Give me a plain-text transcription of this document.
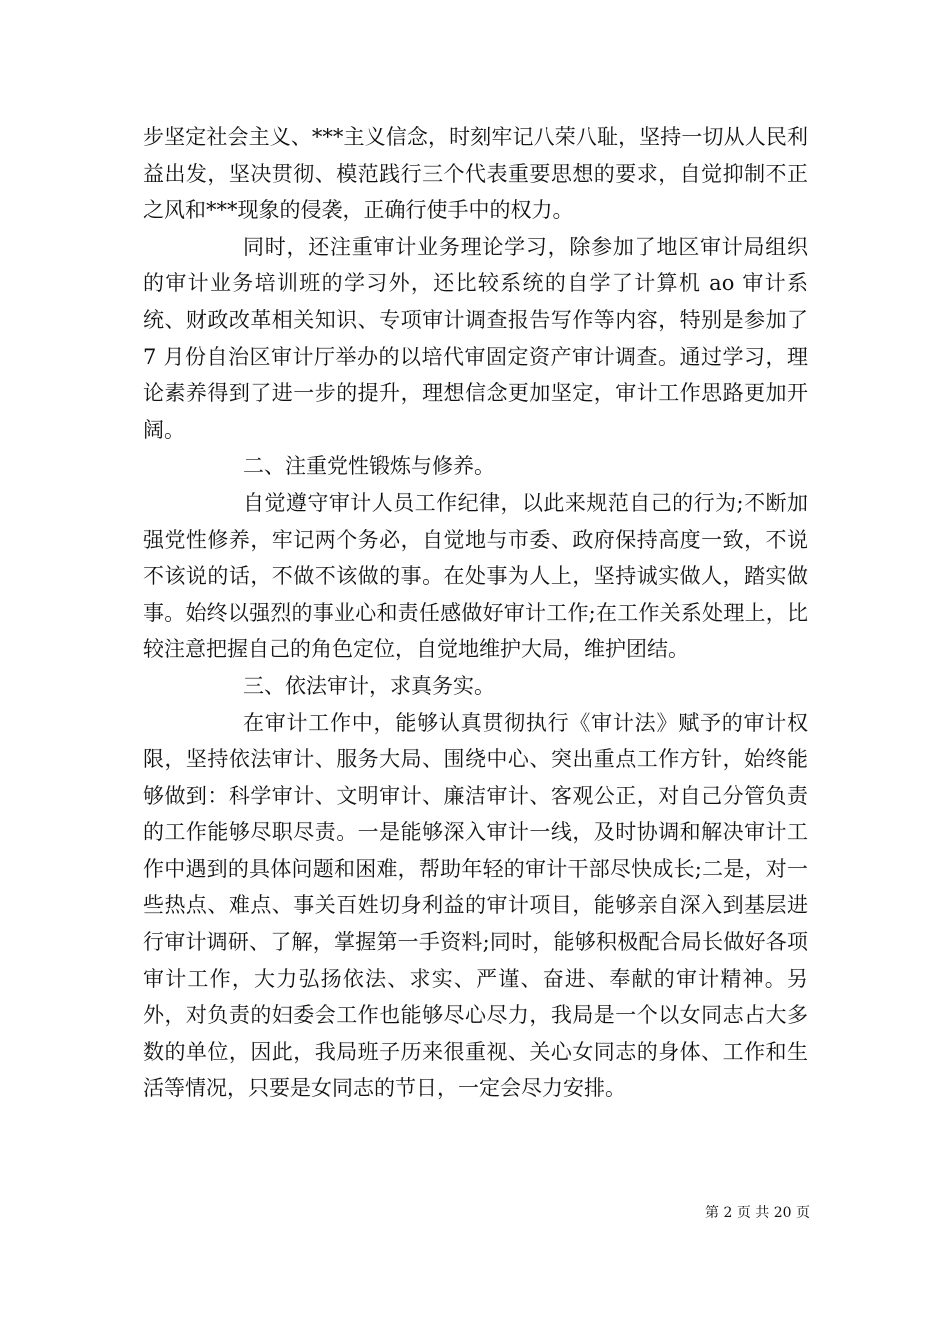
步坚定社会主义、***主义信念，时刻牢记八荣八耻，坚持一切从人民利益出发，坚决贯彻、模范践行三个代表重要思想的要求，自觉抑制不正之风和***现象的侵袭，正确行使手中的权力。

同时，还注重审计业务理论学习，除参加了地区审计局组织的审计业务培训班的学习外，还比较系统的自学了计算机 ao 审计系统、财政改革相关知识、专项审计调查报告写作等内容，特别是参加了 7 月份自治区审计厅举办的以培代审固定资产审计调查。通过学习，理论素养得到了进一步的提升，理想信念更加坚定，审计工作思路更加开阔。

二、注重党性锻炼与修养。

自觉遵守审计人员工作纪律，以此来规范自己的行为;不断加强党性修养，牢记两个务必，自觉地与市委、政府保持高度一致，不说不该说的话，不做不该做的事。在处事为人上，坚持诚实做人，踏实做事。始终以强烈的事业心和责任感做好审计工作;在工作关系处理上，比较注意把握自己的角色定位，自觉地维护大局，维护团结。

三、依法审计，求真务实。

在审计工作中，能够认真贯彻执行《审计法》赋予的审计权限，坚持依法审计、服务大局、围绕中心、突出重点工作方针，始终能够做到：科学审计、文明审计、廉洁审计、客观公正，对自己分管负责的工作能够尽职尽责。一是能够深入审计一线，及时协调和解决审计工作中遇到的具体问题和困难，帮助年轻的审计干部尽快成长;二是，对一些热点、难点、事关百姓切身利益的审计项目，能够亲自深入到基层进行审计调研、了解，掌握第一手资料;同时，能够积极配合局长做好各项审计工作，大力弘扬依法、求实、严谨、奋进、奉献的审计精神。另外，对负责的妇委会工作也能够尽心尽力，我局是一个以女同志占大多数的单位，因此，我局班子历来很重视、关心女同志的身体、工作和生活等情况，只要是女同志的节日，一定会尽力安排。

第 2 页 共 20 页
